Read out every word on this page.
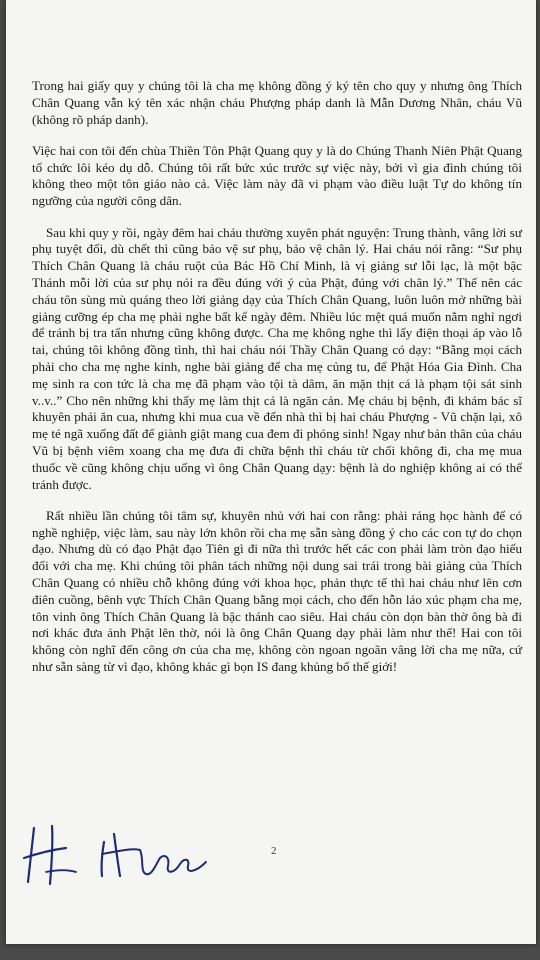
Trong hai giấy quy y chúng tôi là cha mẹ không đồng ý ký tên cho quy y nhưng ông Thích Chân Quang vẫn ký tên xác nhận cháu Phượng pháp danh là Mẫn Dương Nhân, cháu Vũ (không rõ pháp danh).

Việc hai con tôi đến chùa Thiền Tôn Phật Quang quy y là do Chúng Thanh Niên Phật Quang tổ chức lôi kéo dụ dỗ. Chúng tôi rất bức xúc trước sự việc này, bởi vì gia đình chúng tôi không theo một tôn giáo nào cả. Việc làm này đã vi phạm vào điều luật Tự do không tín ngưỡng của người công dân.

Sau khi quy y rồi, ngày đêm hai cháu thường xuyên phát nguyện: Trung thành, vâng lời sư phụ tuyệt đối, dù chết thì cũng bảo vệ sư phụ, bảo vệ chân lý. Hai cháu nói rằng: “Sư phụ Thích Chân Quang là cháu ruột của Bác Hồ Chí Minh, là vị giảng sư lỗi lạc, là một bậc Thánh mỗi lời của sư phụ nói ra đều đúng với ý của Phật, đúng với chân lý.” Thế nên các cháu tôn sùng mù quáng theo lời giảng dạy của Thích Chân Quang, luôn luôn mở những bài giảng cưỡng ép cha mẹ phải nghe bất kể ngày đêm. Nhiều lúc mệt quá muốn nằm nghỉ ngơi để tránh bị tra tấn nhưng cũng không được. Cha mẹ không nghe thì lấy điện thoại áp vào lỗ tai, chúng tôi không đồng tình, thì hai cháu nói Thầy Chân Quang có dạy: “Bằng mọi cách phải cho cha mẹ nghe kinh, nghe bài giảng để cha mẹ củng tu, để Phật Hóa Gia Đình. Cha mẹ sinh ra con tức là cha mẹ đã phạm vào tội tà dâm, ăn mặn thịt cá là phạm tội sát sinh v..v..” Cho nên những khi thấy mẹ làm thịt cá là ngăn cản. Mẹ cháu bị bệnh, đi khám bác sĩ khuyên phải ăn cua, nhưng khi mua cua về đến nhà thì bị hai cháu Phượng - Vũ chặn lại, xô mẹ té ngã xuống đất để giành giật mang cua đem đi phóng sinh! Ngay như bản thân của cháu Vũ bị bệnh viêm xoang cha mẹ đưa đi chữa bệnh thì cháu từ chối không đi, cha mẹ mua thuốc về cũng không chịu uống vì ông Chân Quang dạy: bệnh là do nghiệp không ai có thể tránh được.

Rất nhiều lần chúng tôi tâm sự, khuyên nhủ với hai con rằng: phải ráng học hành để có nghề nghiệp, việc làm, sau này lớn khôn rồi cha mẹ sẵn sàng đồng ý cho các con tự do chọn đạo. Nhưng dù có đạo Phật đạo Tiên gì đi nữa thì trước hết các con phải làm tròn đạo hiếu đối với cha mẹ. Khi chúng tôi phân tách những nội dung sai trái trong bài giảng của Thích Chân Quang có nhiều chỗ không đúng với khoa học, phản thực tế thì hai cháu như lên cơn điên cuồng, bênh vực Thích Chân Quang bằng mọi cách, cho đến hỗn láo xúc phạm cha mẹ, tôn vinh ông Thích Chân Quang là bậc thánh cao siêu. Hai cháu còn dọn bàn thờ ông bà đi nơi khác đưa ảnh Phật lên thờ, nói là ông Chân Quang dạy phải làm như thế! Hai con tôi không còn nghĩ đến công ơn của cha mẹ, không còn ngoan ngoãn vâng lời cha mẹ nữa, cứ như sẵn sàng từ vì đạo, không khác gì bọn IS đang khủng bố thế giới!

2
